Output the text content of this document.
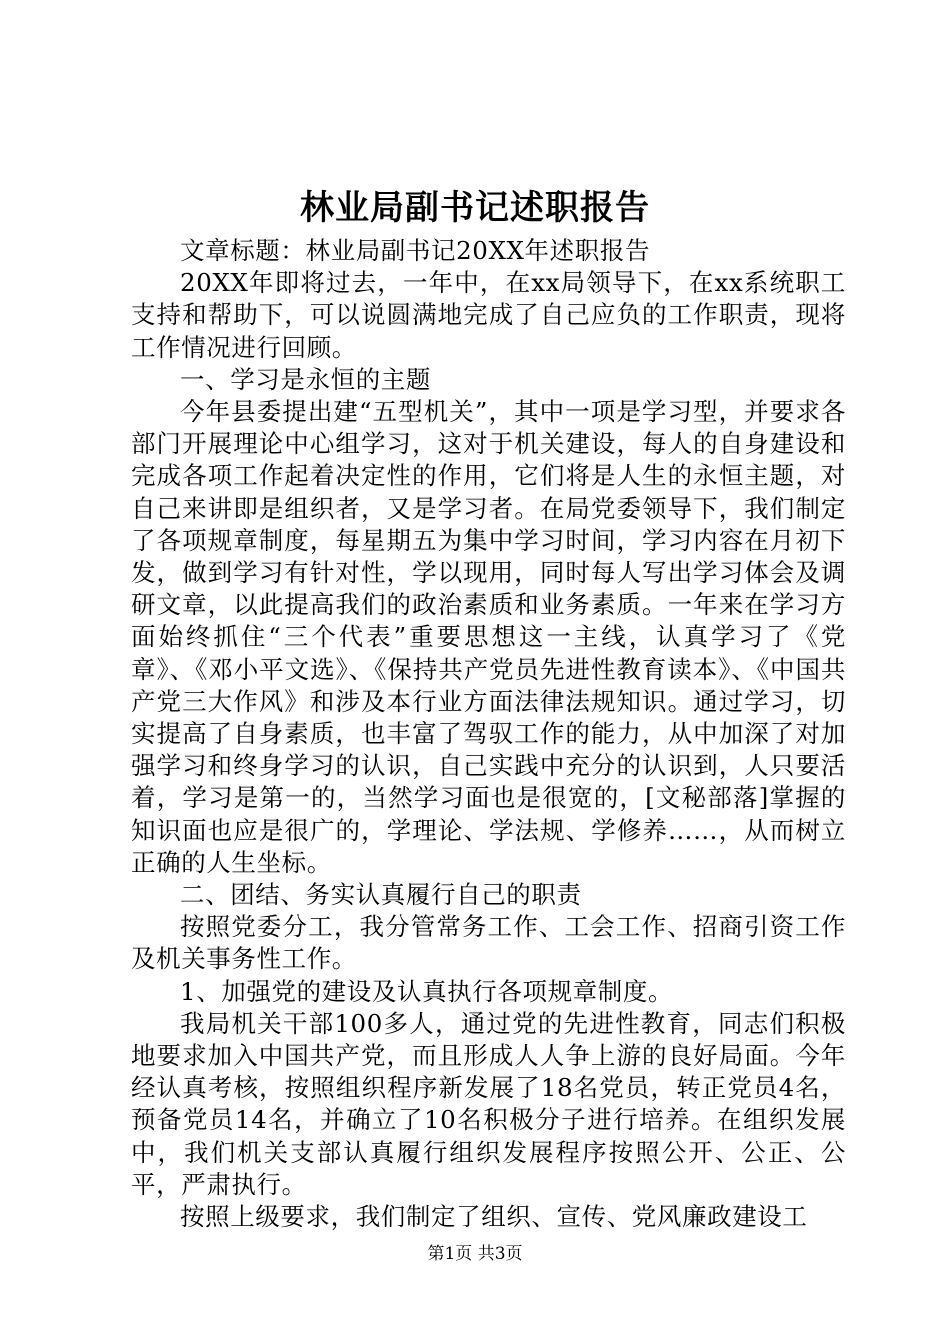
林业局副书记述职报告

文章标题：林业局副书记20XX年述职报告

20XX年即将过去，一年中，在xx局领导下，在xx系统职工支持和帮助下，可以说圆满地完成了自己应负的工作职责，现将工作情况进行回顾。

一、学习是永恒的主题

今年县委提出建“五型机关”，其中一项是学习型，并要求各部门开展理论中心组学习，这对于机关建设，每人的自身建设和完成各项工作起着决定性的作用，它们将是人生的永恒主题，对自己来讲即是组织者，又是学习者。在局党委领导下，我们制定了各项规章制度，每星期五为集中学习时间，学习内容在月初下发，做到学习有针对性，学以现用，同时每人写出学习体会及调研文章，以此提高我们的政治素质和业务素质。一年来在学习方面始终抓住“三个代表”重要思想这一主线，认真学习了《党章》、《邓小平文选》、《保持共产党员先进性教育读本》、《中国共产党三大作风》和涉及本行业方面法律法规知识。通过学习，切实提高了自身素质，也丰富了驾驭工作的能力，从中加深了对加强学习和终身学习的认识，自己实践中充分的认识到，人只要活着，学习是第一的，当然学习面也是很宽的，[文秘部落]掌握的知识面也应是很广的，学理论、学法规、学修养……，从而树立正确的人生坐标。

二、团结、务实认真履行自己的职责

按照党委分工，我分管常务工作、工会工作、招商引资工作及机关事务性工作。

1、加强党的建设及认真执行各项规章制度。

我局机关干部100多人，通过党的先进性教育，同志们积极地要求加入中国共产党，而且形成人人争上游的良好局面。今年经认真考核，按照组织程序新发展了18名党员，转正党员4名，预备党员14名，并确立了10名积极分子进行培养。在组织发展中，我们机关支部认真履行组织发展程序按照公开、公正、公平，严肃执行。

按照上级要求，我们制定了组织、宣传、党风廉政建设工

第1页 共3页
